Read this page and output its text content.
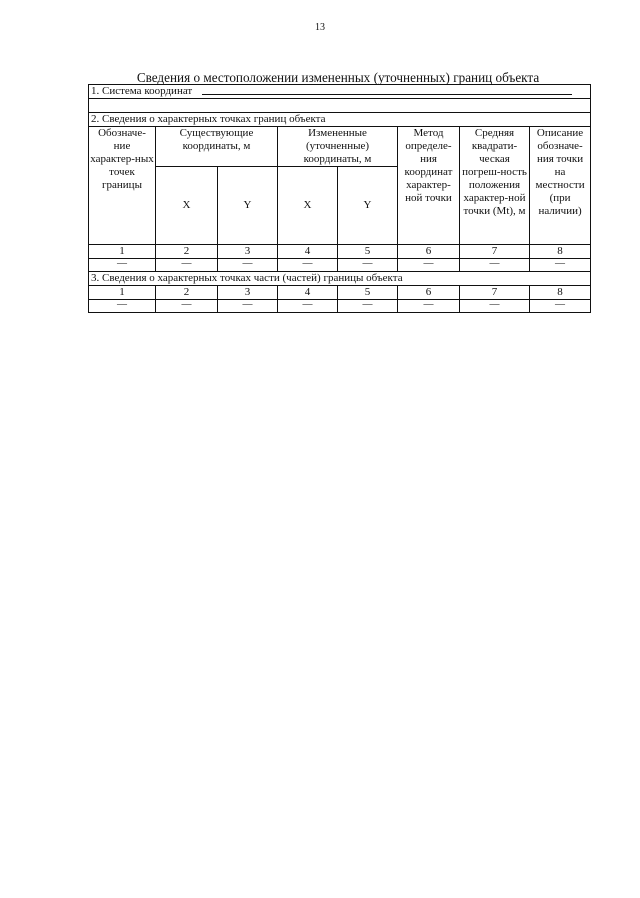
13
Сведения о местоположении измененных (уточненных) границ объекта
1. Система координат							

2. Сведения о характерных точках границ объекта							
Обозначе-ние характер-ных точек границы	Существующие координаты, м		Измененные (уточненные) координаты, м		Метод определе-ния координат характер-ной точки	Средняя квадрати-ческая погреш-ность положения характер-ной точки (Mt), м	Описание обозначе-ния точки на местности (при наличии)
	X	Y	X	Y			
1	2	3	4	5	6	7	8
—	—	—	—	—	—	—	—
3. Сведения о характерных точках части (частей) границы объекта							
1	2	3	4	5	6	7	8
—	—	—	—	—	—	—	—
